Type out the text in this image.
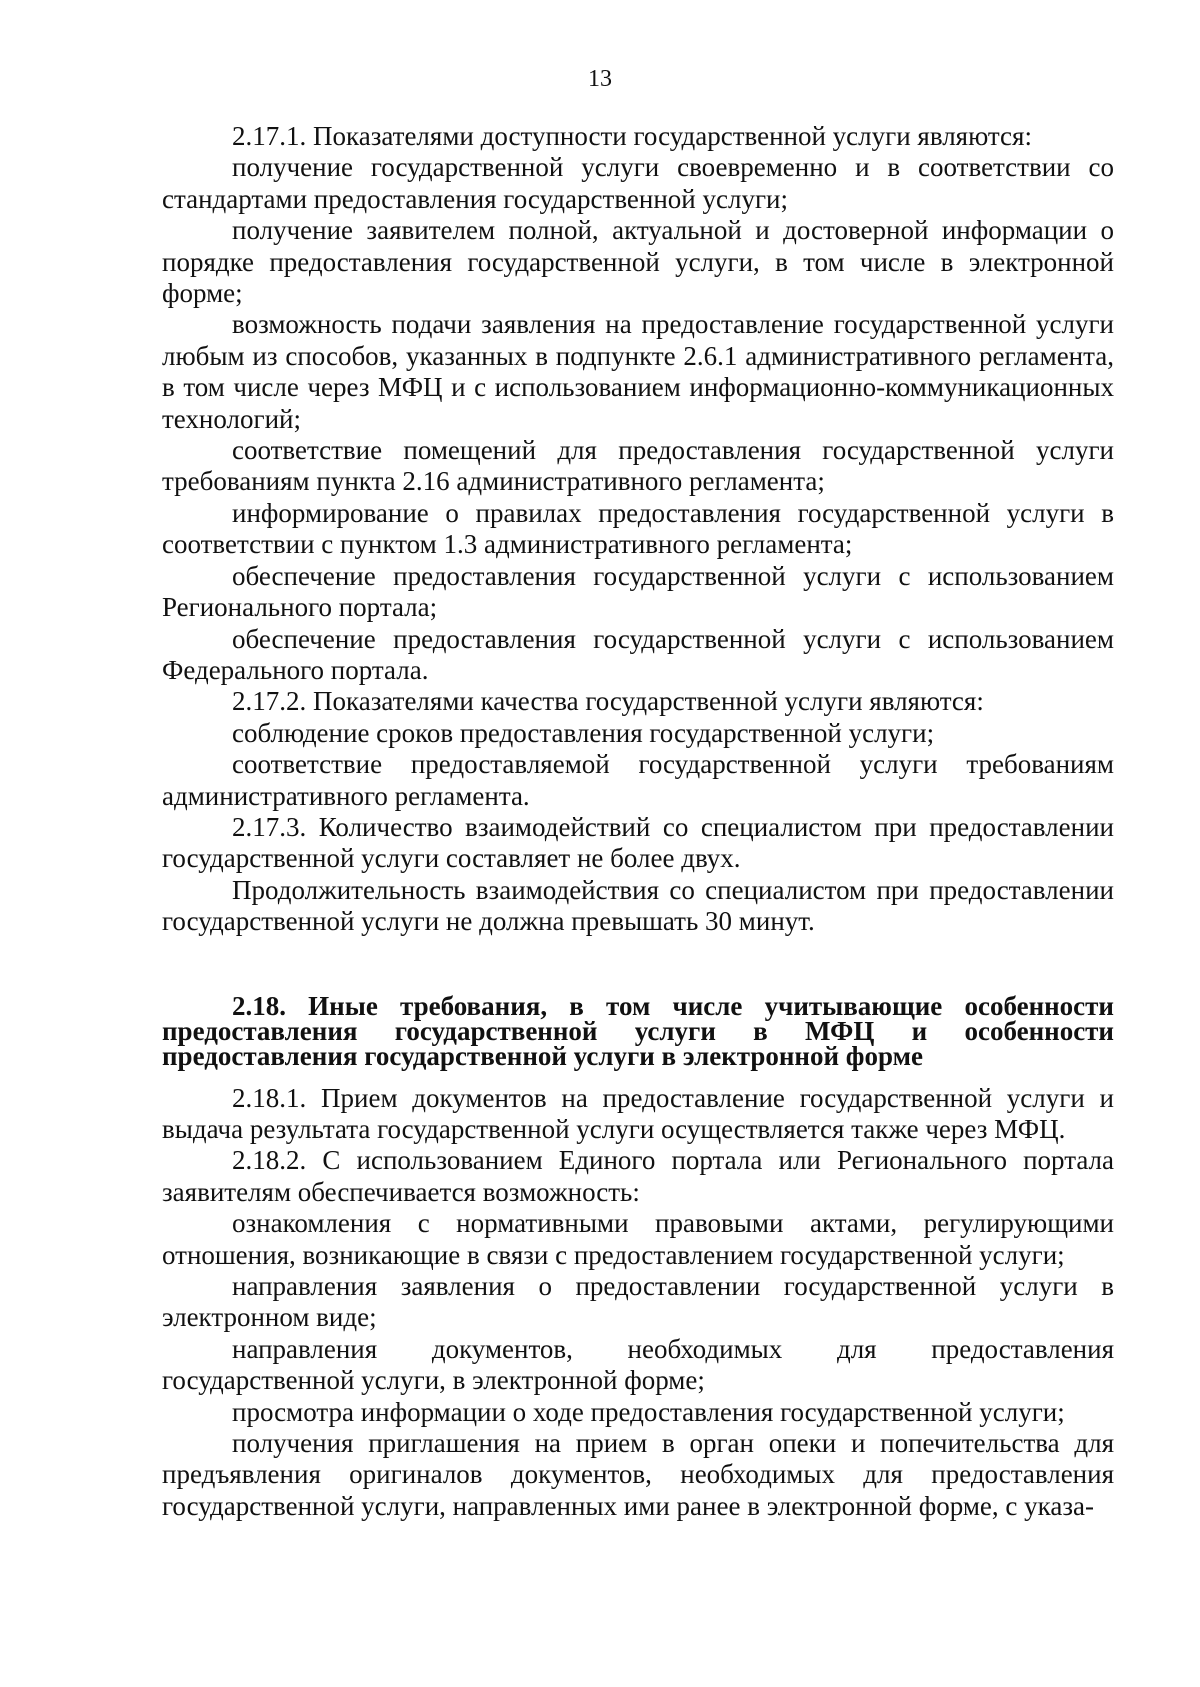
13

2.17.1. Показателями доступности государственной услуги являются:

получение государственной услуги своевременно и в соответствии со стандартами предоставления государственной услуги;

получение заявителем полной, актуальной и достоверной информации о порядке предоставления государственной услуги, в том числе в электронной форме;

возможность подачи заявления на предоставление государственной услуги любым из способов, указанных в подпункте 2.6.1 административного регламента, в том числе через МФЦ и с использованием информационно-коммуникационных технологий;

соответствие помещений для предоставления государственной услуги требованиям пункта 2.16 административного регламента;

информирование о правилах предоставления государственной услуги в соответствии с пунктом 1.3 административного регламента;

обеспечение предоставления государственной услуги с использованием Регионального портала;

обеспечение предоставления государственной услуги с использованием Федерального портала.

2.17.2. Показателями качества государственной услуги являются:

соблюдение сроков предоставления государственной услуги;

соответствие предоставляемой государственной услуги требованиям административного регламента.

2.17.3. Количество взаимодействий со специалистом при предоставлении государственной услуги составляет не более двух.

Продолжительность взаимодействия со специалистом при предоставлении государственной услуги не должна превышать 30 минут.

2.18. Иные требования, в том числе учитывающие особенности предоставления государственной услуги в МФЦ и особенности предоставления государственной услуги в электронной форме

2.18.1. Прием документов на предоставление государственной услуги и выдача результата государственной услуги осуществляется также через МФЦ.

2.18.2. С использованием Единого портала или Регионального портала заявителям обеспечивается возможность:

ознакомления с нормативными правовыми актами, регулирующими отношения, возникающие в связи с предоставлением государственной услуги;

направления заявления о предоставлении государственной услуги в электронном виде;

направления документов, необходимых для предоставления государственной услуги, в электронной форме;

просмотра информации о ходе предоставления государственной услуги;

получения приглашения на прием в орган опеки и попечительства для предъявления оригиналов документов, необходимых для предоставления государственной услуги, направленных ими ранее в электронной форме, с указа-
